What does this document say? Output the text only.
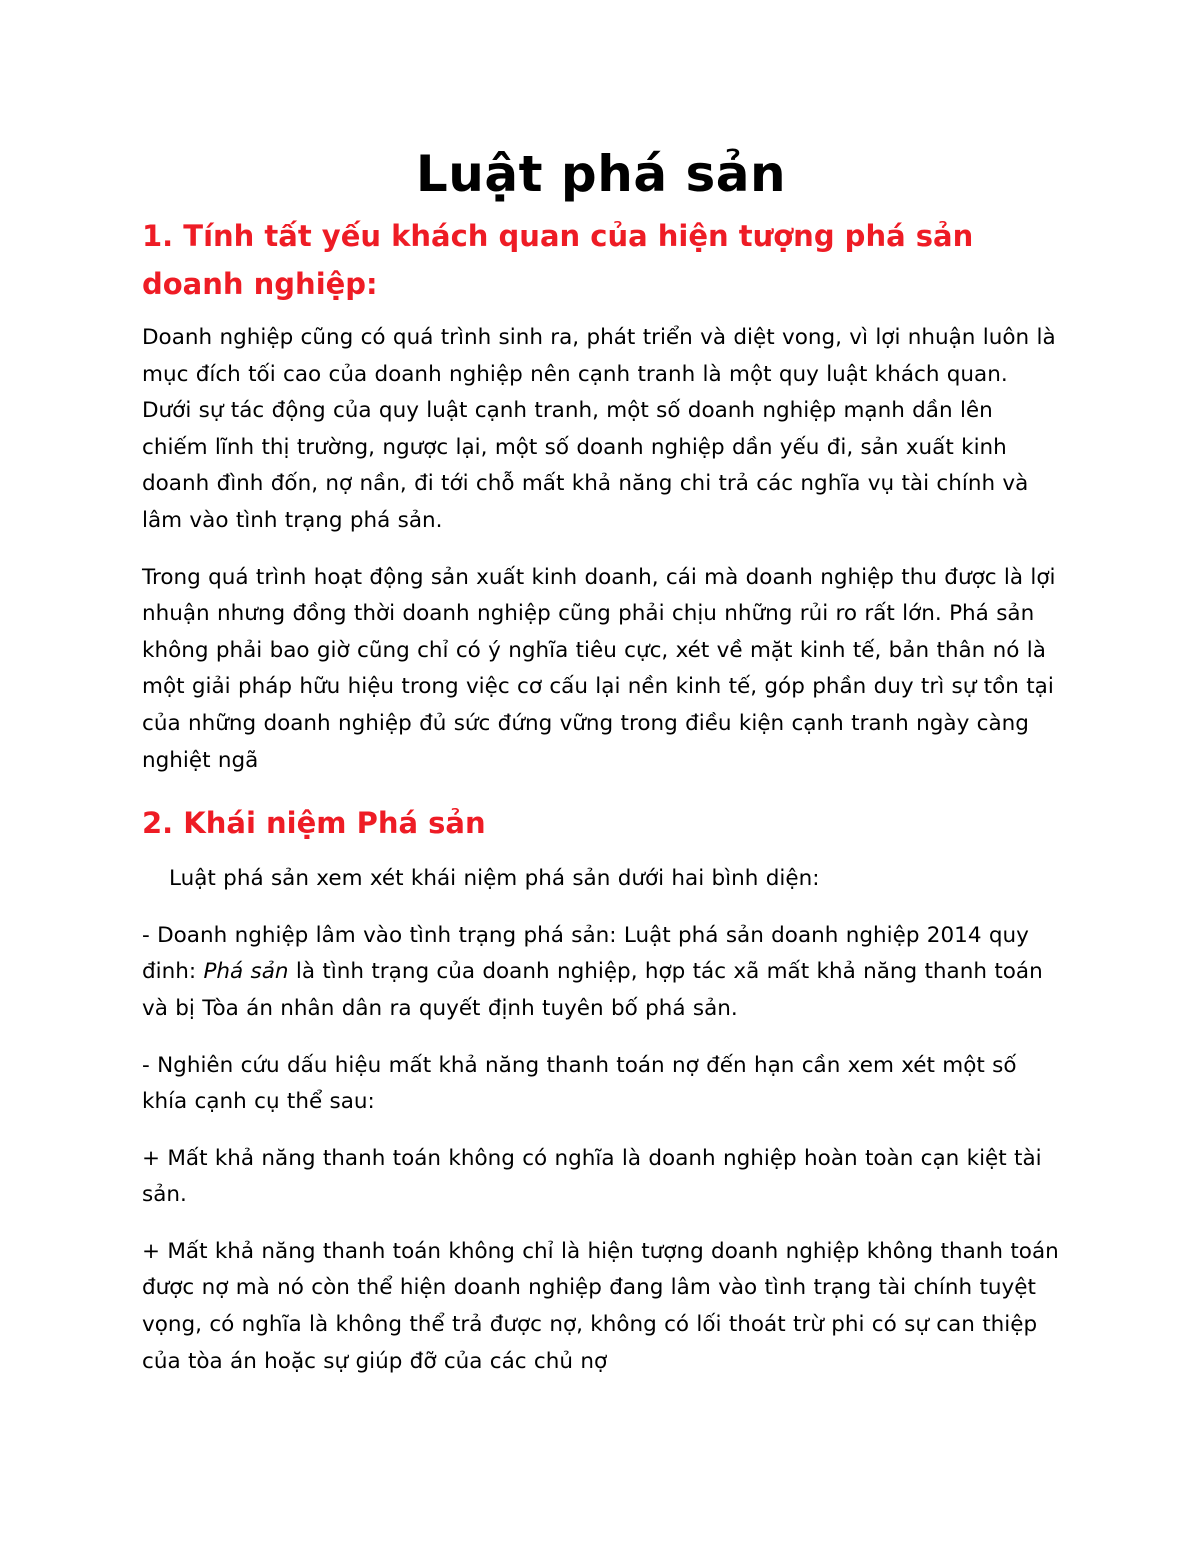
Luật phá sản
1. Tính tất yếu khách quan của hiện tượng phá sản doanh nghiệp:

Doanh nghiệp cũng có quá trình sinh ra, phát triển và diệt vong, vì lợi nhuận luôn là mục đích tối cao của doanh nghiệp nên cạnh tranh là một quy luật khách quan. Dưới sự tác động của quy luật cạnh tranh, một số doanh nghiệp mạnh dần lên chiếm lĩnh thị trường, ngược lại, một số doanh nghiệp dần yếu đi, sản xuất kinh doanh đình đốn, nợ nần, đi tới chỗ mất khả năng chi trả các nghĩa vụ tài chính và lâm vào tình trạng phá sản.

Trong quá trình hoạt động sản xuất kinh doanh, cái mà doanh nghiệp thu được là lợi nhuận nhưng đồng thời doanh nghiệp cũng phải chịu những rủi ro rất lớn. Phá sản không phải bao giờ cũng chỉ có ý nghĩa tiêu cực, xét về mặt kinh tế, bản thân nó là một giải pháp hữu hiệu trong việc cơ cấu lại nền kinh tế, góp phần duy trì sự tồn tại của những doanh nghiệp đủ sức đứng vững trong điều kiện cạnh tranh ngày càng nghiệt ngã

2. Khái niệm Phá sản

Luật phá sản xem xét khái niệm phá sản dưới hai bình diện:

- Doanh nghiệp lâm vào tình trạng phá sản: Luật phá sản doanh nghiệp 2014 quy đinh: Phá sản là tình trạng của doanh nghiệp, hợp tác xã mất khả năng thanh toán và bị Tòa án nhân dân ra quyết định tuyên bố phá sản.

- Nghiên cứu dấu hiệu mất khả năng thanh toán nợ đến hạn cần xem xét một số khía cạnh cụ thể sau:

+ Mất khả năng thanh toán không có nghĩa là doanh nghiệp hoàn toàn cạn kiệt tài sản.

+ Mất khả năng thanh toán không chỉ là hiện tượng doanh nghiệp không thanh toán được nợ mà nó còn thể hiện doanh nghiệp đang lâm vào tình trạng tài chính tuyệt vọng, có nghĩa là không thể trả được nợ, không có lối thoát trừ phi có sự can thiệp của tòa án hoặc sự giúp đỡ của các chủ nợ
